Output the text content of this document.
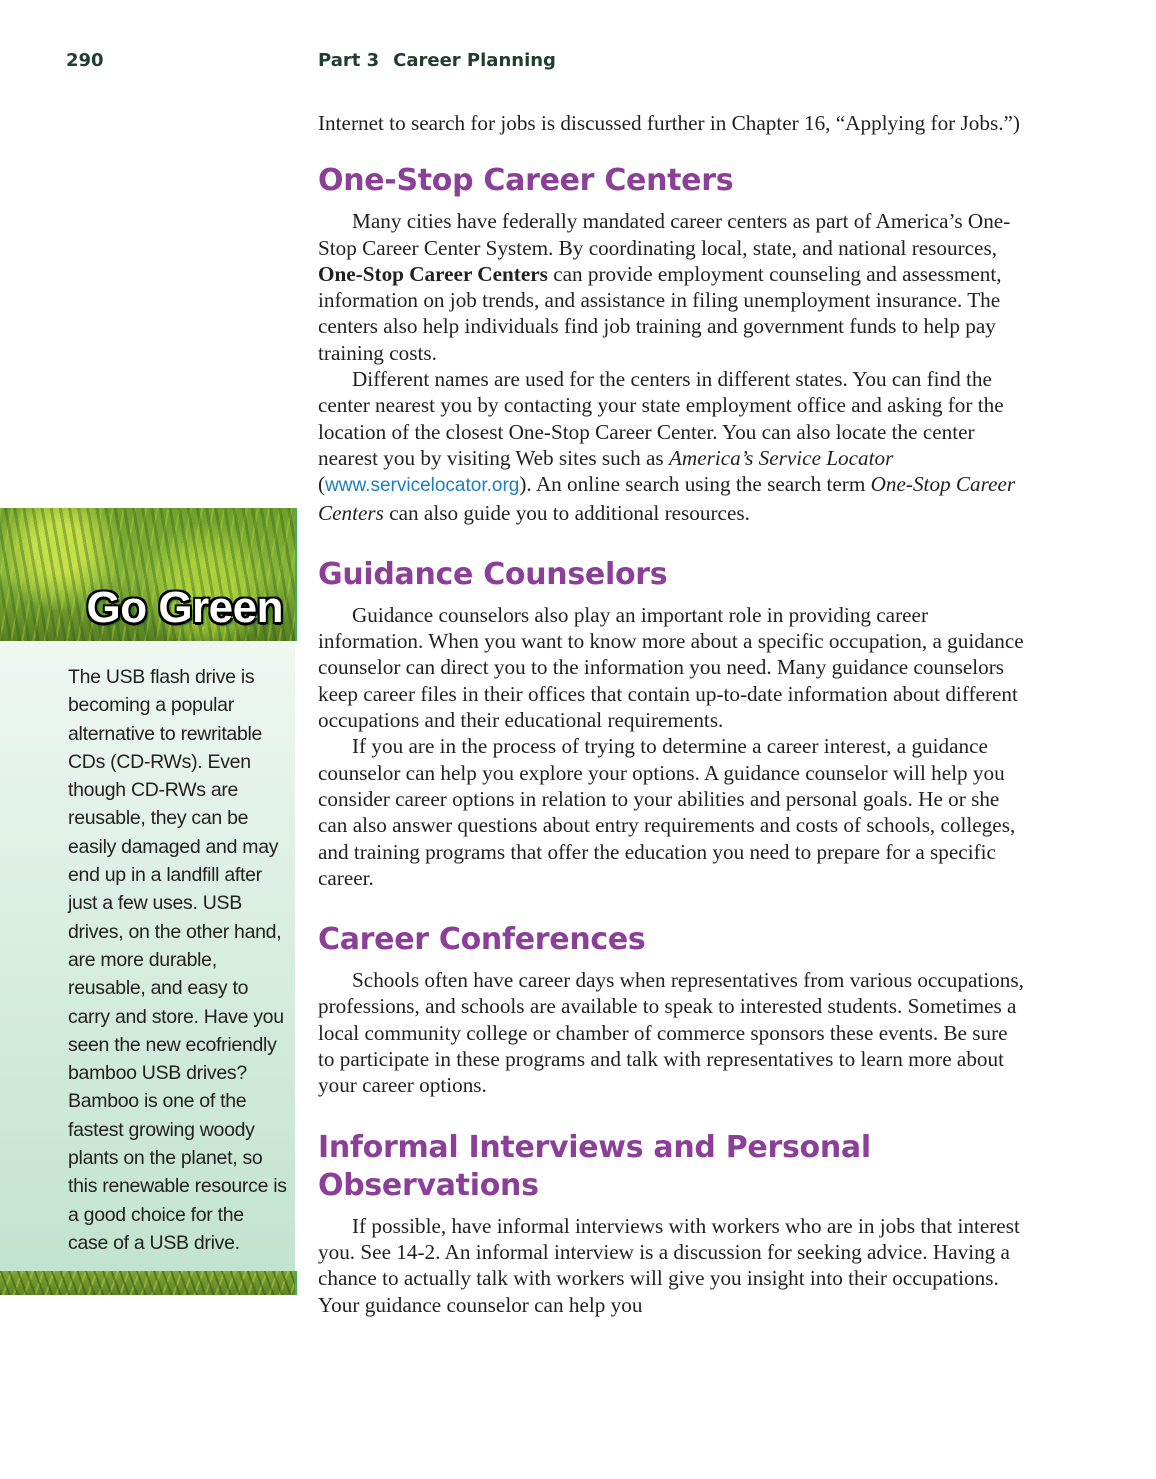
290	Part 3 Career Planning
Go Green
The USB flash drive is becoming a popular alternative to rewritable CDs (CD-RWs). Even though CD-RWs are reusable, they can be easily damaged and may end up in a landfill after just a few uses. USB drives, on the other hand, are more durable, reusable, and easy to carry and store. Have you seen the new ecofriendly bamboo USB drives? Bamboo is one of the fastest growing woody plants on the planet, so this renewable resource is a good choice for the case of a USB drive.

Internet to search for jobs is discussed further in Chapter 16, “Applying for Jobs.”)

One-Stop Career Centers

Many cities have federally mandated career centers as part of America’s One-Stop Career Center System. By coordinating local, state, and national resources, One-Stop Career Centers can provide employment counseling and assessment, information on job trends, and assistance in filing unemployment insurance. The centers also help individuals find job training and government funds to help pay training costs.

Different names are used for the centers in different states. You can find the center nearest you by contacting your state employment office and asking for the location of the closest One-Stop Career Center. You can also locate the center nearest you by visiting Web sites such as America’s Service Locator (www.servicelocator.org). An online search using the search term One-Stop Career Centers can also guide you to additional resources.

Guidance Counselors

Guidance counselors also play an important role in providing career information. When you want to know more about a specific occupation, a guidance counselor can direct you to the information you need. Many guidance counselors keep career files in their offices that contain up-to-date information about different occupations and their educational requirements.

If you are in the process of trying to determine a career interest, a guidance counselor can help you explore your options. A guidance counselor will help you consider career options in relation to your abilities and personal goals. He or she can also answer questions about entry requirements and costs of schools, colleges, and training programs that offer the education you need to prepare for a specific career.

Career Conferences

Schools often have career days when representatives from various occupations, professions, and schools are available to speak to interested students. Sometimes a local community college or chamber of commerce sponsors these events. Be sure to participate in these programs and talk with representatives to learn more about your career options.

Informal Interviews and Personal Observations

If possible, have informal interviews with workers who are in jobs that interest you. See 14-2. An informal interview is a discussion for seeking advice. Having a chance to actually talk with workers will give you insight into their occupations. Your guidance counselor can help you
